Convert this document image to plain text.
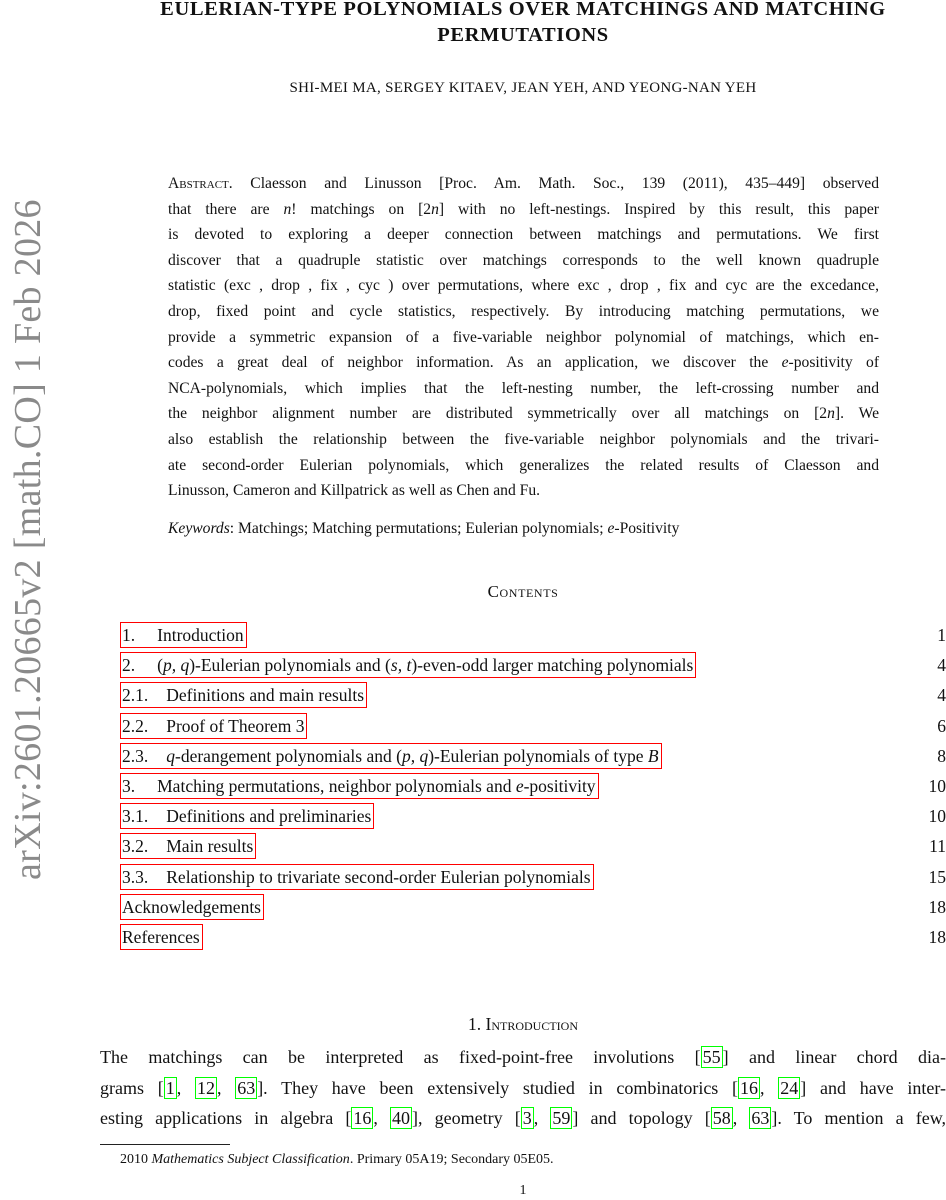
arXiv:2601.20665v2 [math.CO] 1 Feb 2026
EULERIAN-TYPE POLYNOMIALS OVER MATCHINGS AND MATCHING
PERMUTATIONS
SHI-MEI MA, SERGEY KITAEV, JEAN YEH, AND YEONG-NAN YEH
Abstract. Claesson and Linusson [Proc. Am. Math. Soc., 139 (2011), 435–449] observed
that there are n! matchings on [2n] with no left-nestings. Inspired by this result, this paper
is devoted to exploring a deeper connection between matchings and permutations. We first
discover that a quadruple statistic over matchings corresponds to the well known quadruple
statistic (exc , drop , fix , cyc ) over permutations, where exc , drop , fix and cyc are the excedance,
drop, fixed point and cycle statistics, respectively. By introducing matching permutations, we
provide a symmetric expansion of a five-variable neighbor polynomial of matchings, which en-
codes a great deal of neighbor information. As an application, we discover the e-positivity of
NCA-polynomials, which implies that the left-nesting number, the left-crossing number and
the neighbor alignment number are distributed symmetrically over all matchings on [2n]. We
also establish the relationship between the five-variable neighbor polynomials and the trivari-
ate second-order Eulerian polynomials, which generalizes the related results of Claesson and
Linusson, Cameron and Killpatrick as well as Chen and Fu.
Keywords: Matchings; Matching permutations; Eulerian polynomials; e-Positivity
Contents
1. Introduction	1
2. (p, q)-Eulerian polynomials and (s, t)-even-odd larger matching polynomials	4
2.1. Definitions and main results	4
2.2. Proof of Theorem 3	6
2.3. q-derangement polynomials and (p, q)-Eulerian polynomials of type B	8
3. Matching permutations, neighbor polynomials and e-positivity	10
3.1. Definitions and preliminaries	10
3.2. Main results	11
3.3. Relationship to trivariate second-order Eulerian polynomials	15
Acknowledgements	18
References	18
1. Introduction
The matchings can be interpreted as fixed-point-free involutions [ 55 ] and linear chord dia-
grams [ 1 , 12 , 63 ]. They have been extensively studied in combinatorics [ 16 , 24 ] and have inter-
esting applications in algebra [ 16 , 40 ], geometry [ 3 , 59 ] and topology [ 58 , 63 ]. To mention a few,
2010 Mathematics Subject Classification. Primary 05A19; Secondary 05E05.
1
